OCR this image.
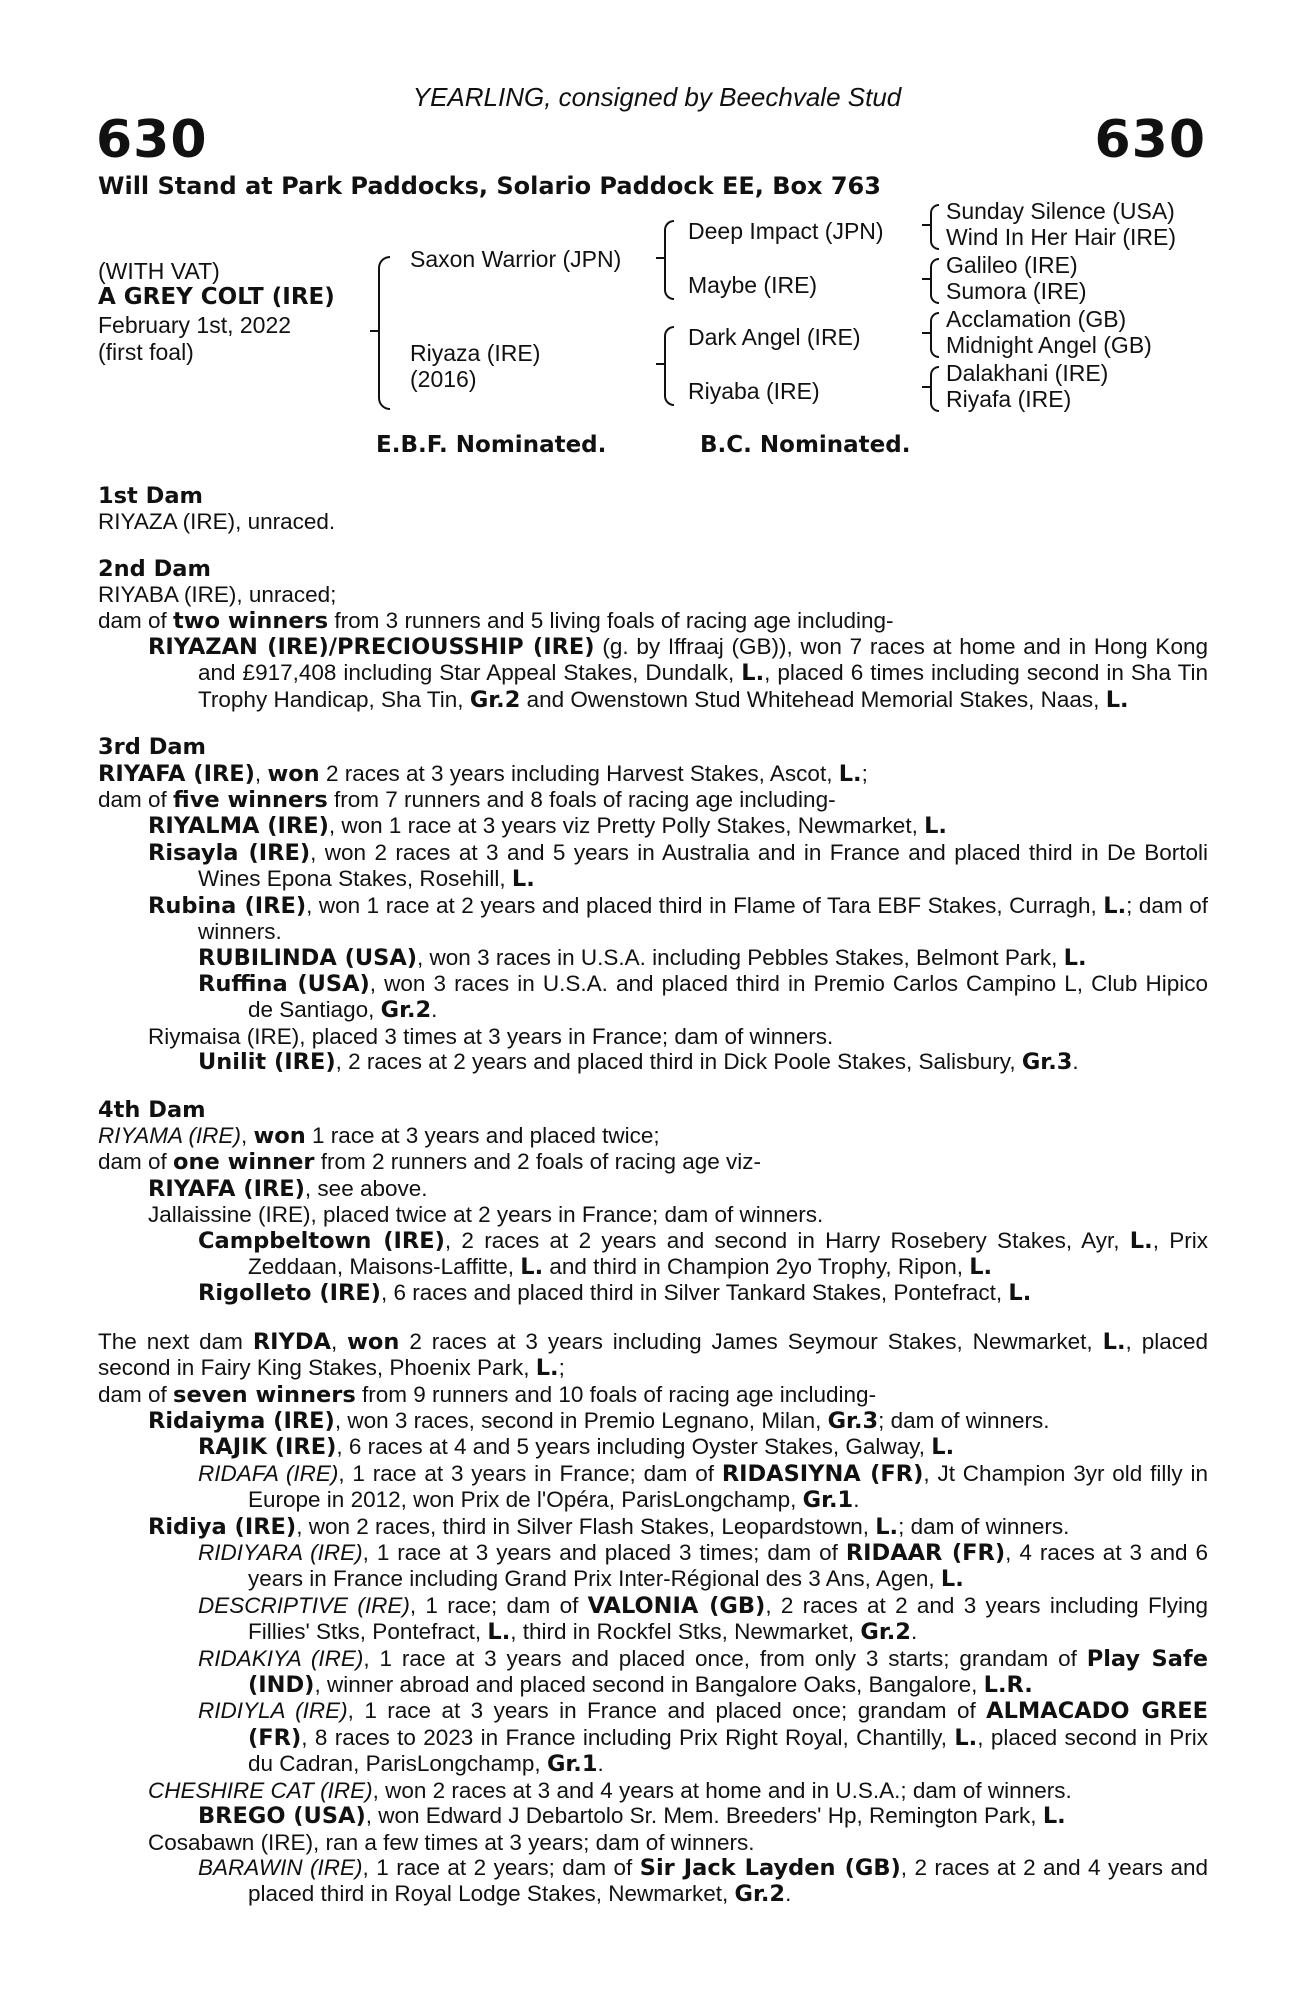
YEARLING, consigned by Beechvale Stud
630	630
Will Stand at Park Paddocks, Solario Paddock EE, Box 763
(WITH VAT)
A GREY COLT (IRE)
February 1st, 2022
(first foal)
Saxon Warrior (JPN)
Riyaza (IRE)
(2016)
Deep Impact (JPN)
Maybe (IRE)
Dark Angel (IRE)
Riyaba (IRE)
Sunday Silence (USA)
Wind In Her Hair (IRE)
Galileo (IRE)
Sumora (IRE)
Acclamation (GB)
Midnight Angel (GB)
Dalakhani (IRE)
Riyafa (IRE)
E.B.F. Nominated.	B.C. Nominated.

1st Dam

RIYAZA (IRE), unraced.

2nd Dam

RIYABA (IRE), unraced;

dam of two winners from 3 runners and 5 living foals of racing age including-

RIYAZAN (IRE)/PRECIOUSSHIP (IRE) (g. by Iffraaj (GB)), won 7 races at home and in Hong Kong and £917,408 including Star Appeal Stakes, Dundalk, L., placed 6 times including second in Sha Tin Trophy Handicap, Sha Tin, Gr.2 and Owenstown Stud Whitehead Memorial Stakes, Naas, L.

3rd Dam

RIYAFA (IRE), won 2 races at 3 years including Harvest Stakes, Ascot, L.;

dam of five winners from 7 runners and 8 foals of racing age including-

RIYALMA (IRE), won 1 race at 3 years viz Pretty Polly Stakes, Newmarket, L.

Risayla (IRE), won 2 races at 3 and 5 years in Australia and in France and placed third in De Bortoli Wines Epona Stakes, Rosehill, L.

Rubina (IRE), won 1 race at 2 years and placed third in Flame of Tara EBF Stakes, Curragh, L.; dam of winners.

RUBILINDA (USA), won 3 races in U.S.A. including Pebbles Stakes, Belmont Park, L.

Ruffina (USA), won 3 races in U.S.A. and placed third in Premio Carlos Campino L, Club Hipico de Santiago, Gr.2.

Riymaisa (IRE), placed 3 times at 3 years in France; dam of winners.

Unilit (IRE), 2 races at 2 years and placed third in Dick Poole Stakes, Salisbury, Gr.3.

4th Dam

RIYAMA (IRE), won 1 race at 3 years and placed twice;

dam of one winner from 2 runners and 2 foals of racing age viz-

RIYAFA (IRE), see above.

Jallaissine (IRE), placed twice at 2 years in France; dam of winners.

Campbeltown (IRE), 2 races at 2 years and second in Harry Rosebery Stakes, Ayr, L., Prix Zeddaan, Maisons-Laffitte, L. and third in Champion 2yo Trophy, Ripon, L.

Rigolleto (IRE), 6 races and placed third in Silver Tankard Stakes, Pontefract, L.

The next dam RIYDA, won 2 races at 3 years including James Seymour Stakes, Newmarket, L., placed second in Fairy King Stakes, Phoenix Park, L.;

dam of seven winners from 9 runners and 10 foals of racing age including-

Ridaiyma (IRE), won 3 races, second in Premio Legnano, Milan, Gr.3; dam of winners.

RAJIK (IRE), 6 races at 4 and 5 years including Oyster Stakes, Galway, L.

RIDAFA (IRE), 1 race at 3 years in France; dam of RIDASIYNA (FR), Jt Champion 3yr old filly in Europe in 2012, won Prix de l'Opéra, ParisLongchamp, Gr.1.

Ridiya (IRE), won 2 races, third in Silver Flash Stakes, Leopardstown, L.; dam of winners.

RIDIYARA (IRE), 1 race at 3 years and placed 3 times; dam of RIDAAR (FR), 4 races at 3 and 6 years in France including Grand Prix Inter-Régional des 3 Ans, Agen, L.

DESCRIPTIVE (IRE), 1 race; dam of VALONIA (GB), 2 races at 2 and 3 years including Flying Fillies' Stks, Pontefract, L., third in Rockfel Stks, Newmarket, Gr.2.

RIDAKIYA (IRE), 1 race at 3 years and placed once, from only 3 starts; grandam of Play Safe (IND), winner abroad and placed second in Bangalore Oaks, Bangalore, L.R.

RIDIYLA (IRE), 1 race at 3 years in France and placed once; grandam of ALMACADO GREE (FR), 8 races to 2023 in France including Prix Right Royal, Chantilly, L., placed second in Prix du Cadran, ParisLongchamp, Gr.1.

CHESHIRE CAT (IRE), won 2 races at 3 and 4 years at home and in U.S.A.; dam of winners.

BREGO (USA), won Edward J Debartolo Sr. Mem. Breeders' Hp, Remington Park, L.

Cosabawn (IRE), ran a few times at 3 years; dam of winners.

BARAWIN (IRE), 1 race at 2 years; dam of Sir Jack Layden (GB), 2 races at 2 and 4 years and placed third in Royal Lodge Stakes, Newmarket, Gr.2.
